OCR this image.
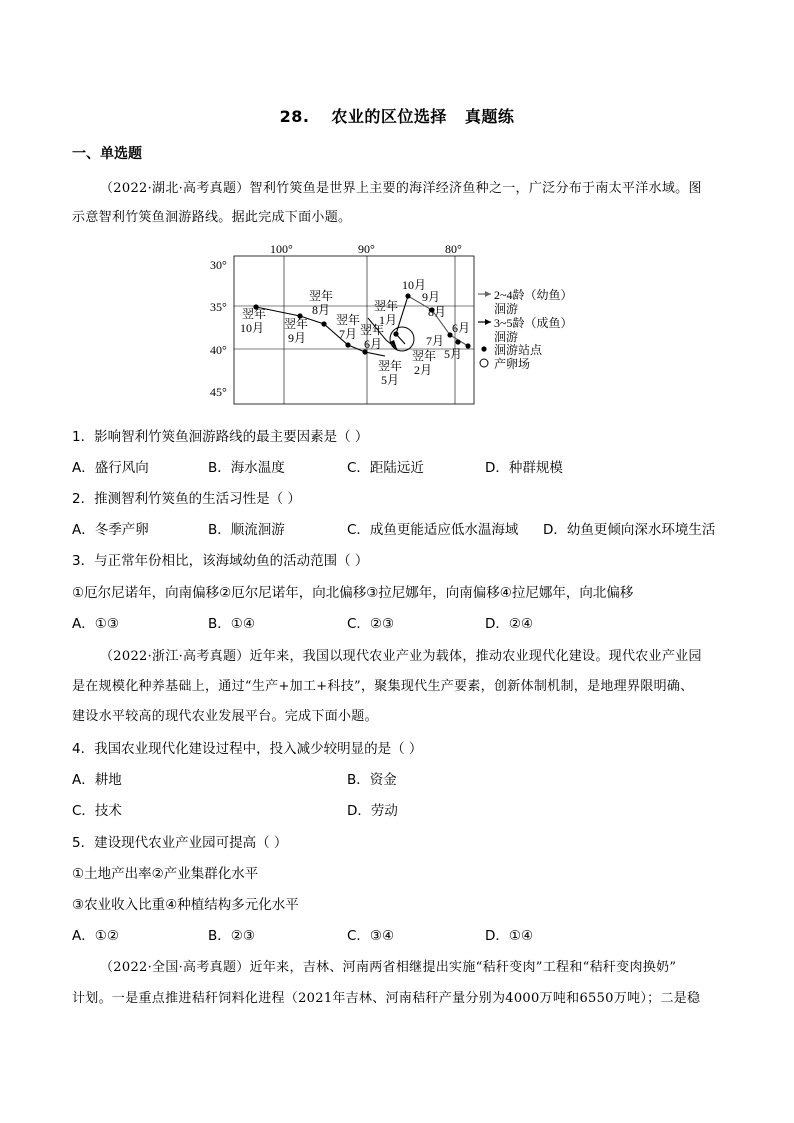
28. 农业的区位选择 真题练
一、单选题
（2022·湖北·高考真题）智利竹筴鱼是世界上主要的海洋经济鱼种之一，广泛分布于南太平洋水域。图
示意智利竹筴鱼洄游路线。据此完成下面小题。
100°	90°	80°
30°
35°
40°
45°
翌年
10月 翌年
9月
翌年
8月
翌年
7月
翌年
1月
翌年
6月
翌年
5月
翌年
2月
10月
9月
8月
7月
6月
5月
2~4龄（幼鱼）
洄游
3~5龄（成鱼）
洄游
洄游站点
产卵场
1．影响智利竹筴鱼洄游路线的最主要因素是（ ）
A．盛行风向	B．海水温度	C．距陆远近	D．种群规模
2．推测智利竹筴鱼的生活习性是（ ）
A．冬季产卵	B．顺流洄游	C．成鱼更能适应低水温海域 D．幼鱼更倾向深水环境生活
3．与正常年份相比，该海域幼鱼的活动范围（ ）
①厄尔尼诺年，向南偏移②厄尔尼诺年，向北偏移③拉尼娜年，向南偏移④拉尼娜年，向北偏移
A．①③	B．①④	C．②③	D．②④
（2022·浙江·高考真题）近年来，我国以现代农业产业为载体，推动农业现代化建设。现代农业产业园
是在规模化种养基础上，通过“生产+加工+科技”，聚集现代生产要素，创新体制机制，是地理界限明确、
建设水平较高的现代农业发展平台。完成下面小题。
4．我国农业现代化建设过程中，投入减少较明显的是（ ）
A．耕地	B．资金
C．技术	D．劳动
5．建设现代农业产业园可提高（ ）
①土地产出率②产业集群化水平
③农业收入比重④种植结构多元化水平
A．①②	B．②③	C．③④	D．①④
（2022·全国·高考真题）近年来，吉林、河南两省相继提出实施“秸秆变肉”工程和“秸秆变肉换奶”
计划。一是重点推进秸秆饲料化进程（2021年吉林、河南秸秆产量分别为4000万吨和6550万吨）；二是稳
